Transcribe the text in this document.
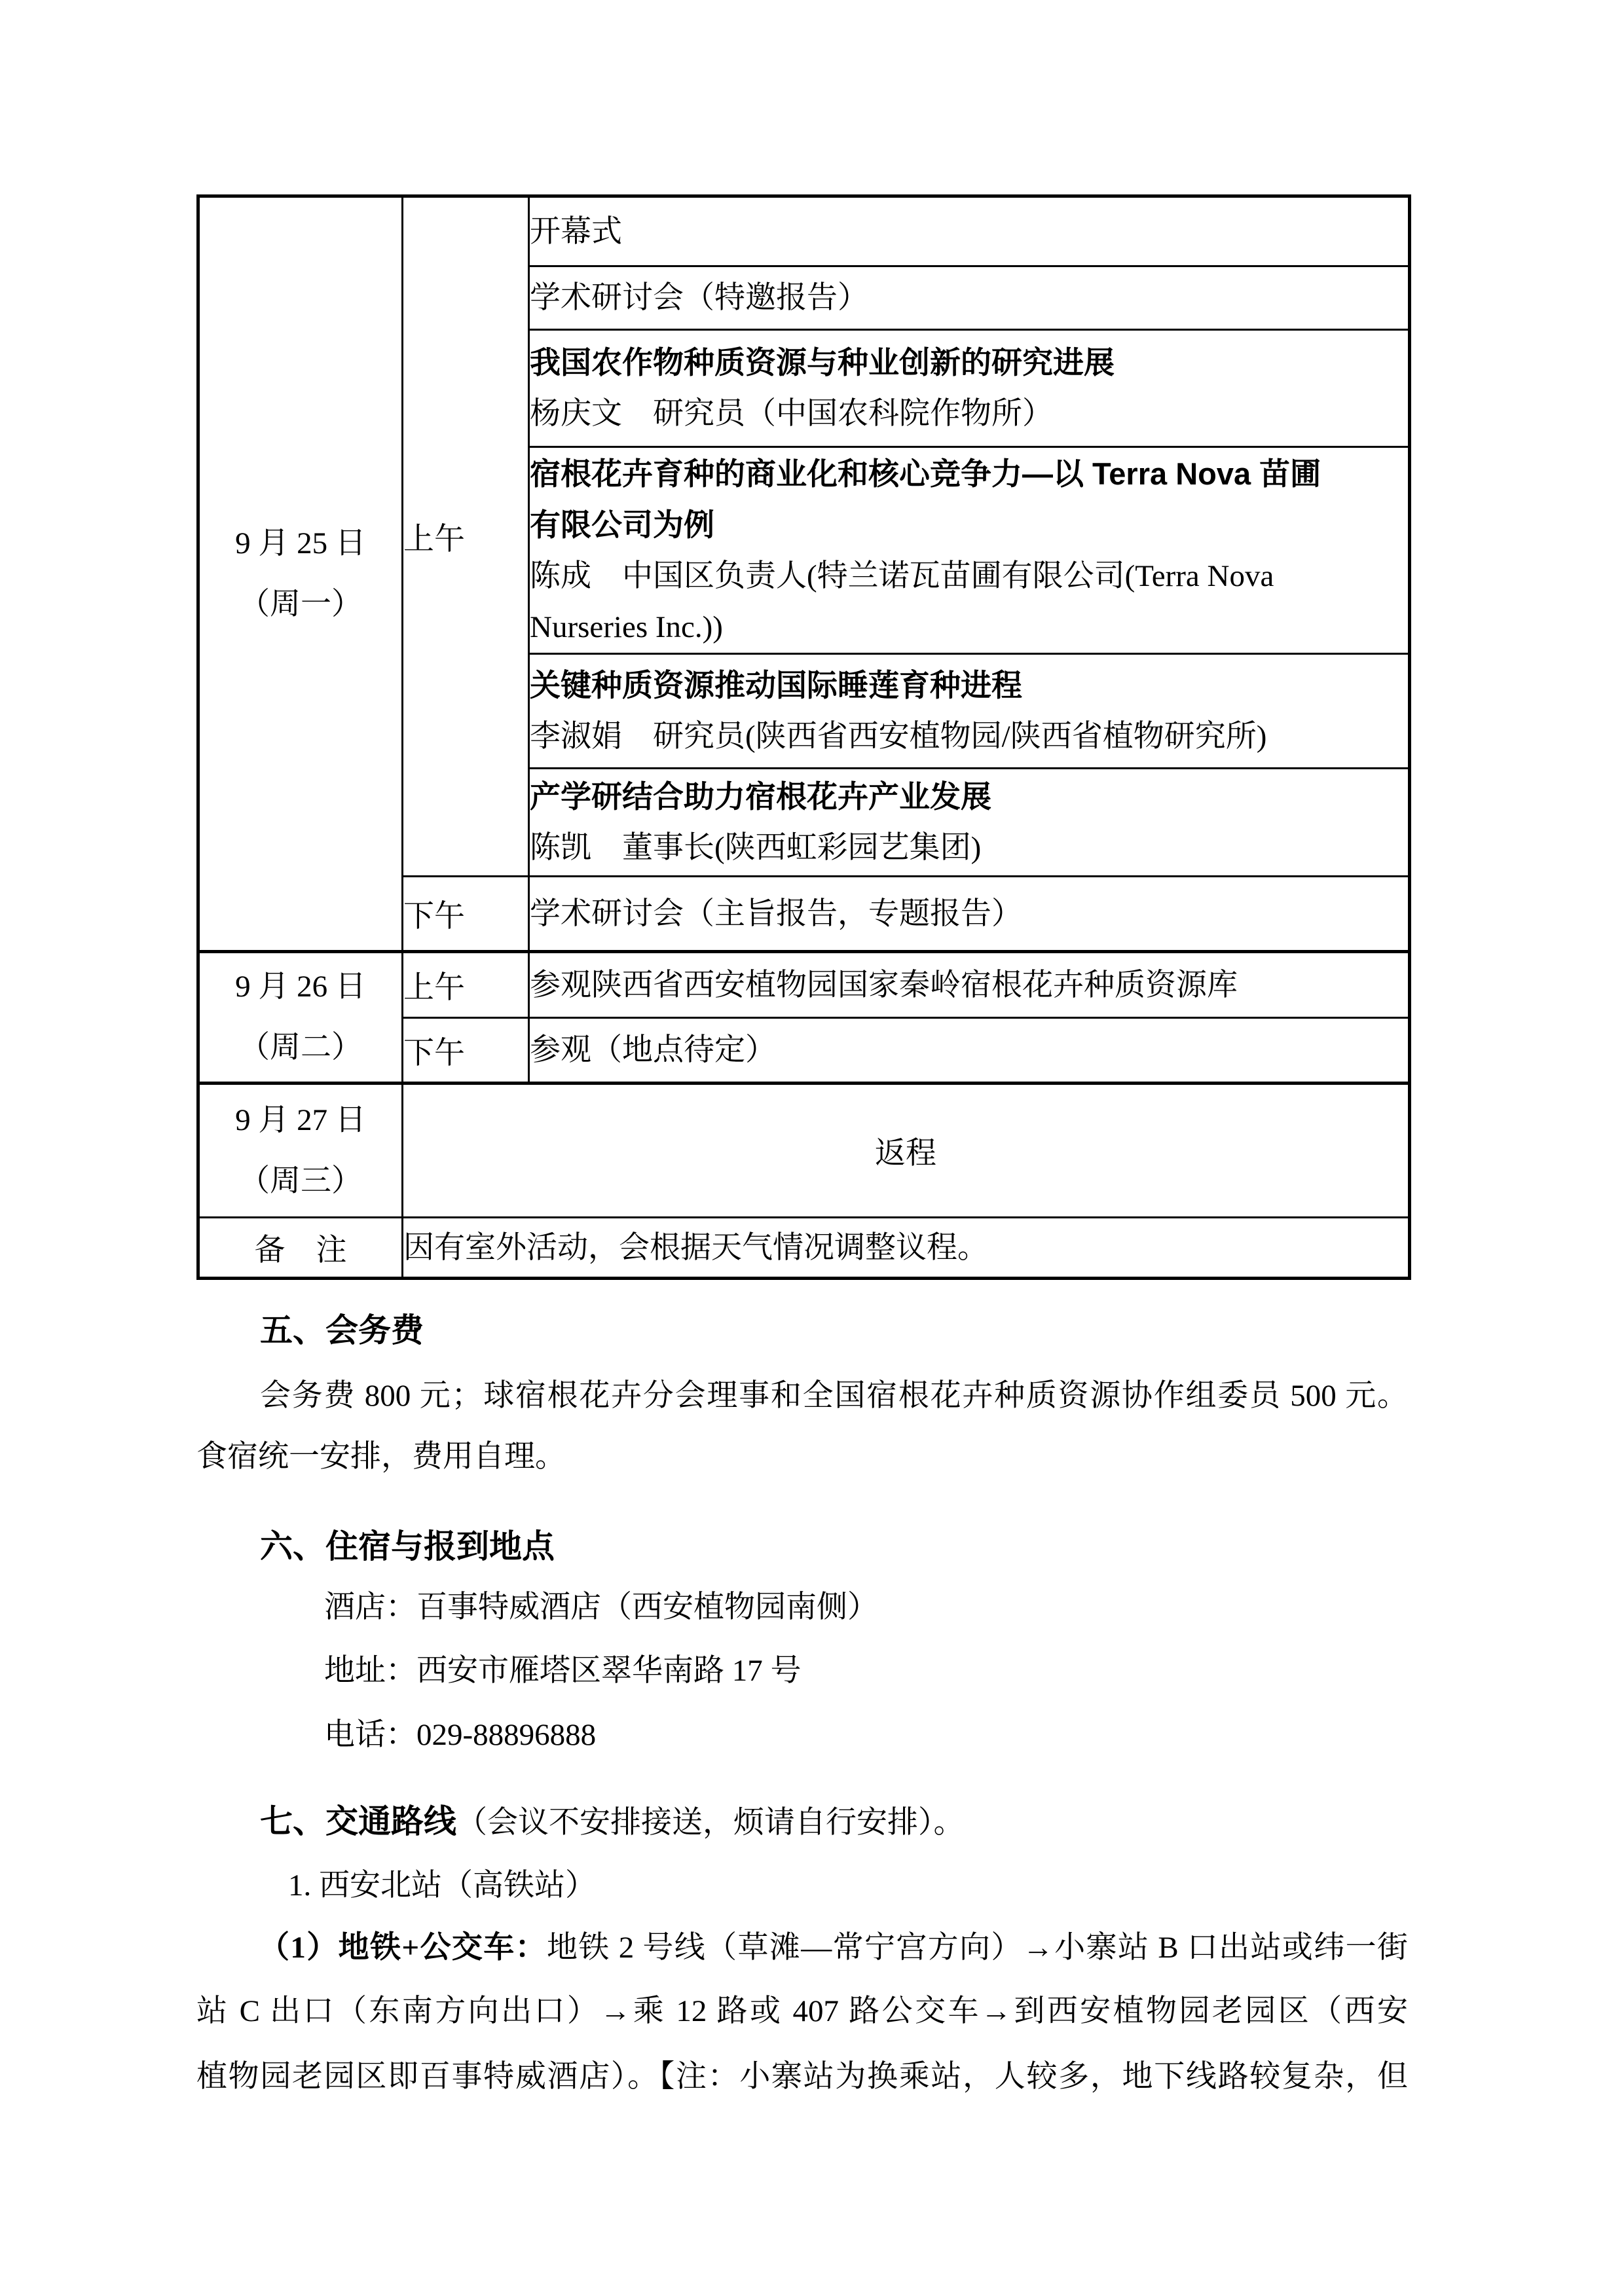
9 月 25 日
（周一）	上午	开幕式

		学术研讨会（特邀报告）

		我国农作物种质资源与种业创新的研究进展
杨庆文　研究员（中国农科院作物所）

		宿根花卉育种的商业化和核心竞争力—以 Terra Nova 苗圃
有限公司为例
陈成　中国区负责人(特兰诺瓦苗圃有限公司(Terra Nova
Nurseries Inc.))

		关键种质资源推动国际睡莲育种进程
李淑娟　研究员(陕西省西安植物园/陕西省植物研究所)

		产学研结合助力宿根花卉产业发展
陈凯　董事长(陕西虹彩园艺集团)

	下午	学术研讨会（主旨报告，专题报告）

9 月 26 日
（周二）	上午	参观陕西省西安植物园国家秦岭宿根花卉种质资源库

	下午	参观（地点待定）

9 月 27 日
（周三）	返程	
备　注	因有室外活动，会根据天气情况调整议程。	
五、会务费
会务费 800 元；球宿根花卉分会理事和全国宿根花卉种质资源协作组委员 500 元。
食宿统一安排，费用自理。
六、住宿与报到地点
酒店：百事特威酒店（西安植物园南侧）
地址：西安市雁塔区翠华南路 17 号
电话：029-88896888
七、交通路线（会议不安排接送，烦请自行安排）。
1. 西安北站（高铁站）
（1）地铁+公交车：地铁 2 号线（草滩—常宁宫方向）→小寨站 B 口出站或纬一街
站 C 出口（东南方向出口）→乘 12 路或 407 路公交车→到西安植物园老园区（西安
植物园老园区即百事特威酒店）。【注：小寨站为换乘站，人较多，地下线路较复杂，但
